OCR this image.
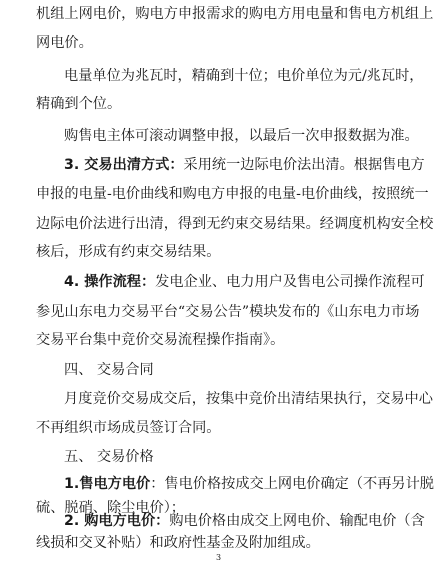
机组上网电价，购电方申报需求的购电方用电量和售电方机组上
网电价。
电量单位为兆瓦时，精确到十位；电价单位为元/兆瓦时，
精确到个位。
购售电主体可滚动调整申报，以最后一次申报数据为准。
3. 交易出清方式：采用统一边际电价法出清。根据售电方
申报的电量-电价曲线和购电方申报的电量-电价曲线，按照统一
边际电价法进行出清，得到无约束交易结果。经调度机构安全校
核后，形成有约束交易结果。
4. 操作流程：发电企业、电力用户及售电公司操作流程可
参见山东电力交易平台“交易公告”模块发布的《山东电力市场
交易平台集中竞价交易流程操作指南》。
四、 交易合同
月度竞价交易成交后，按集中竞价出清结果执行，交易中心
不再组织市场成员签订合同。
五、 交易价格
1.售电方电价：售电价格按成交上网电价确定（不再另计脱
硫、脱硝、除尘电价）；
2. 购电方电价：购电价格由成交上网电价、输配电价（含
3
线损和交叉补贴）和政府性基金及附加组成。
